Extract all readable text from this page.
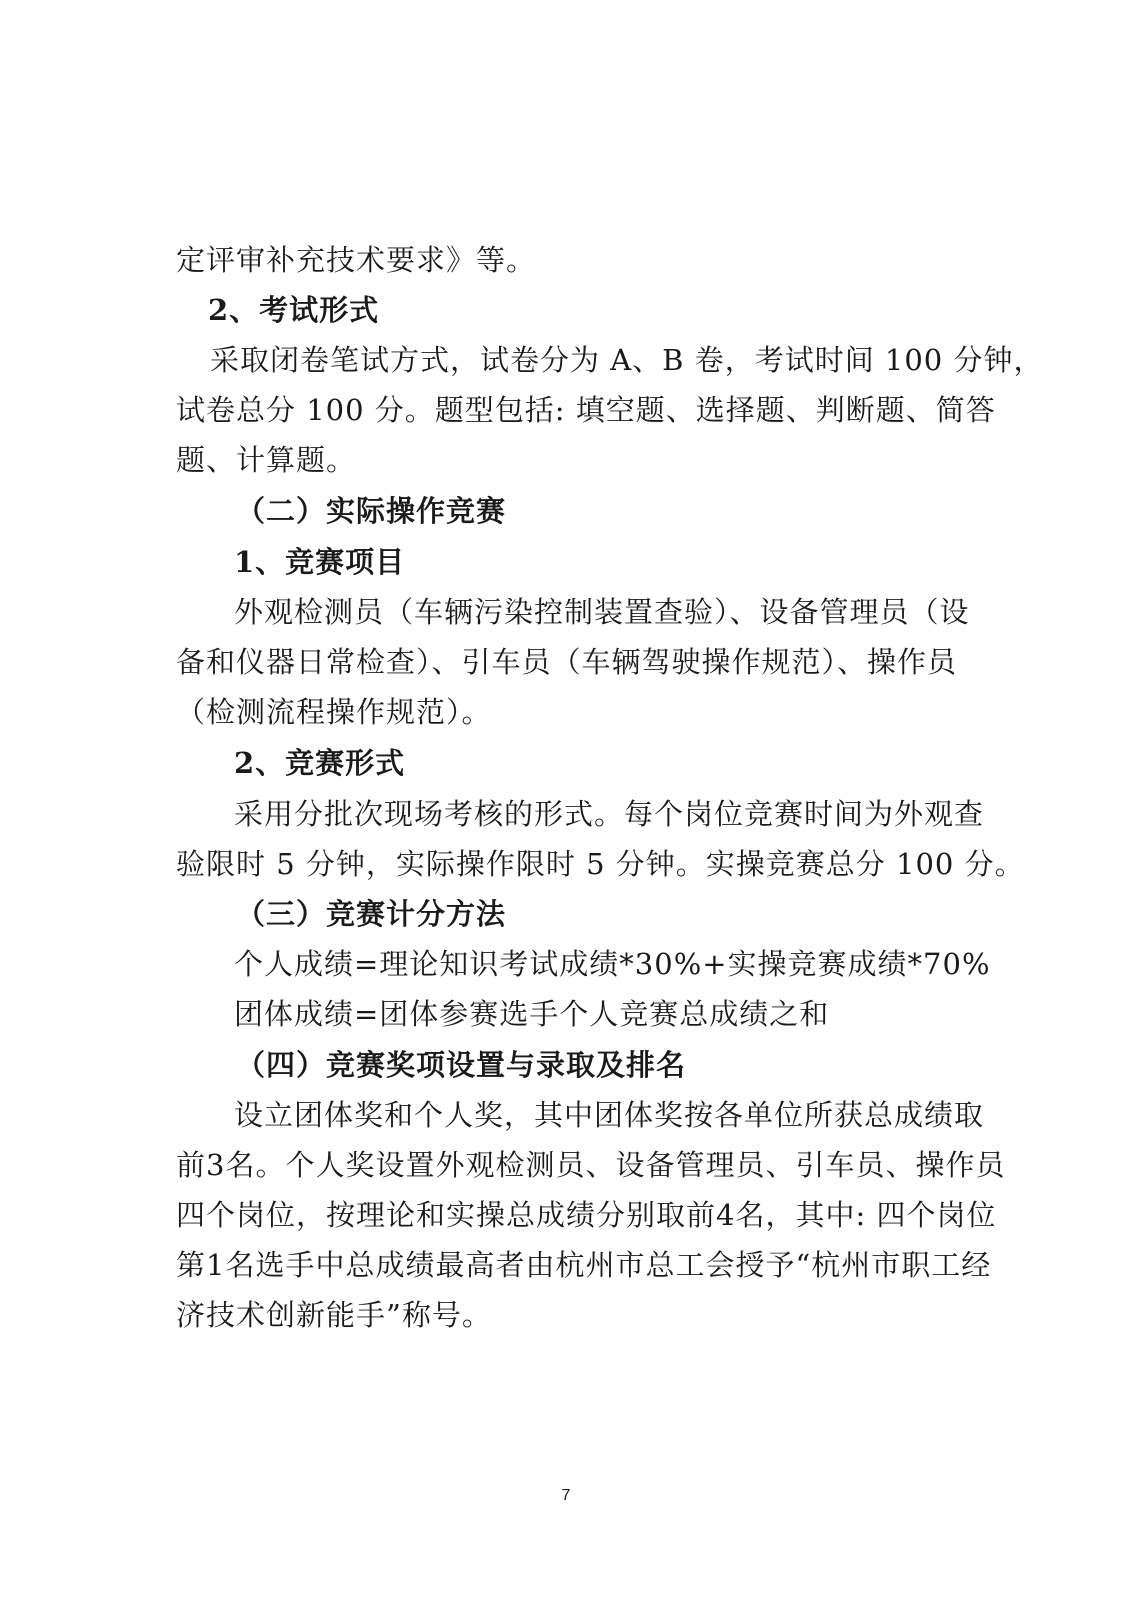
定评审补充技术要求》等。
2、考试形式
采取闭卷笔试方式，试卷分为 A、B 卷，考试时间 100 分钟，
试卷总分 100 分。题型包括: 填空题、选择题、判断题、简答
题、计算题。
（二）实际操作竞赛
1、竞赛项目
外观检测员（车辆污染控制装置查验）、设备管理员（设
备和仪器日常检查）、引车员（车辆驾驶操作规范）、操作员
（检测流程操作规范）。
2、竞赛形式
采用分批次现场考核的形式。每个岗位竞赛时间为外观查
验限时 5 分钟，实际操作限时 5 分钟。实操竞赛总分 100 分。
（三）竞赛计分方法
个人成绩=理论知识考试成绩*30%+实操竞赛成绩*70%
团体成绩=团体参赛选手个人竞赛总成绩之和
（四）竞赛奖项设置与录取及排名
设立团体奖和个人奖，其中团体奖按各单位所获总成绩取
前3名。个人奖设置外观检测员、设备管理员、引车员、操作员
四个岗位，按理论和实操总成绩分别取前4名，其中: 四个岗位
第1名选手中总成绩最高者由杭州市总工会授予“杭州市职工经
济技术创新能手”称号。
7
